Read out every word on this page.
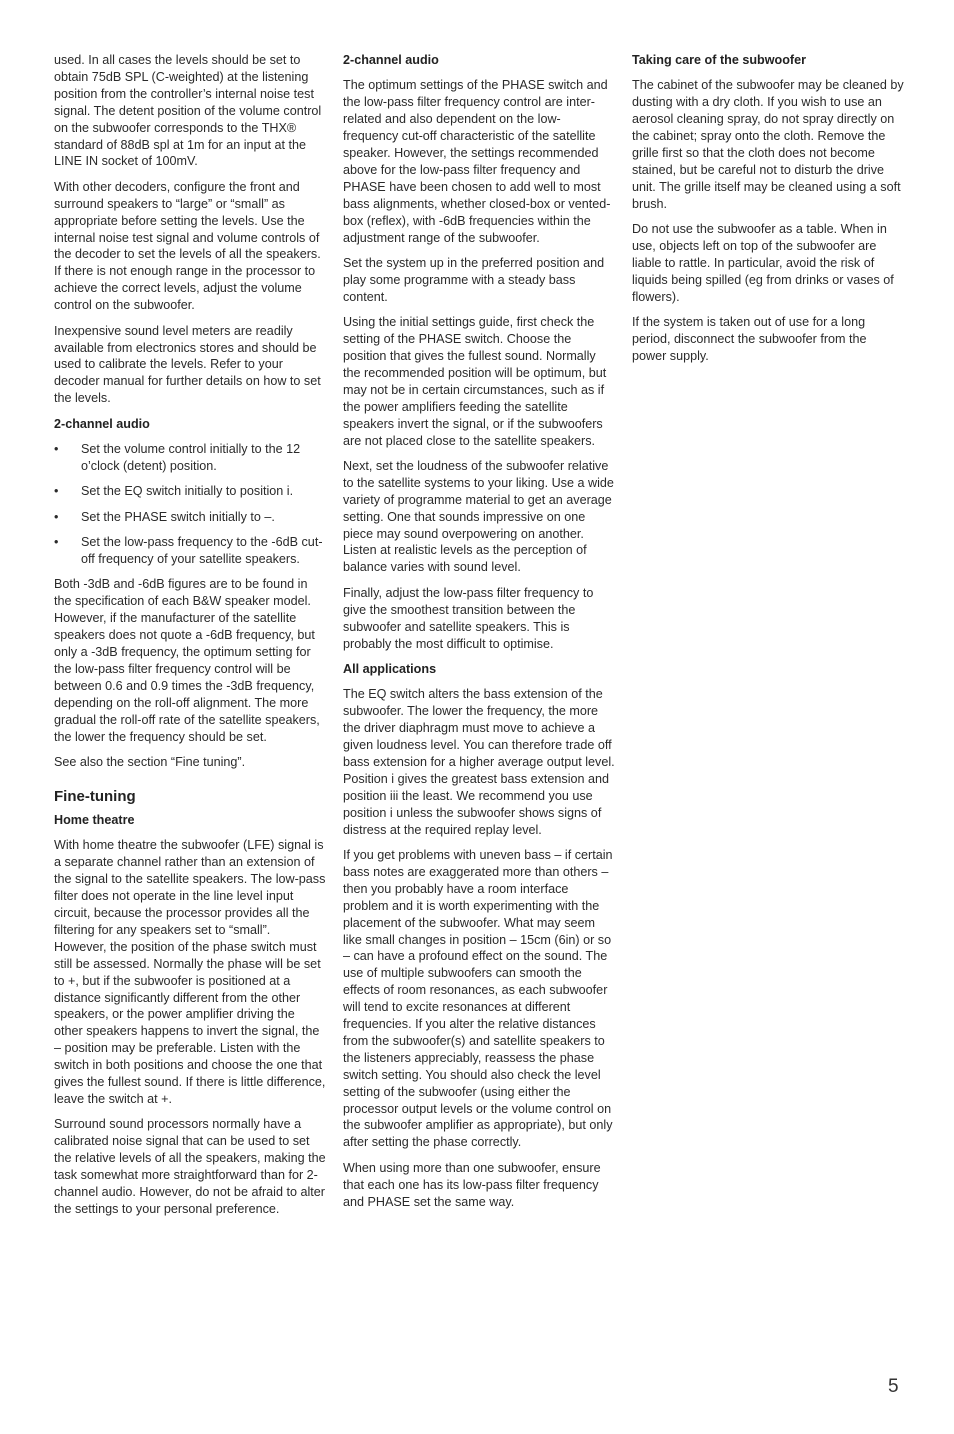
used. In all cases the levels should be set to obtain 75dB SPL (C-weighted) at the listening position from the controller’s internal noise test signal. The detent position of the volume control on the subwoofer corresponds to the THX® standard of 88dB spl at 1m for an input at the LINE IN socket of 100mV.

With other decoders, configure the front and surround speakers to “large” or “small” as appropriate before setting the levels. Use the internal noise test signal and volume controls of the decoder to set the levels of all the speakers. If there is not enough range in the processor to achieve the correct levels, adjust the volume control on the subwoofer.

Inexpensive sound level meters are readily available from electronics stores and should be used to calibrate the levels. Refer to your decoder manual for further details on how to set the levels.

2-channel audio
• Set the volume control initially to the 12 o’clock (detent) position.
• Set the EQ switch initially to position i.
• Set the PHASE switch initially to –.
• Set the low-pass frequency to the -6dB cut-off frequency of your satellite speakers.

Both -3dB and -6dB figures are to be found in the specification of each B&W speaker model. However, if the manufacturer of the satellite speakers does not quote a -6dB frequency, but only a -3dB frequency, the optimum setting for the low-pass filter frequency control will be between 0.6 and 0.9 times the -3dB frequency, depending on the roll-off alignment. The more gradual the roll-off rate of the satellite speakers, the lower the frequency should be set.

See also the section “Fine tuning”.

Fine-tuning
Home theatre

With home theatre the subwoofer (LFE) signal is a separate channel rather than an extension of the signal to the satellite speakers. The low-pass filter does not operate in the line level input circuit, because the processor provides all the filtering for any speakers set to “small”. However, the position of the phase switch must still be assessed. Normally the phase will be set to +, but if the subwoofer is positioned at a distance significantly different from the other speakers, or the power amplifier driving the other speakers happens to invert the signal, the – position may be preferable. Listen with the switch in both positions and choose the one that gives the fullest sound. If there is little difference, leave the switch at +.

Surround sound processors normally have a calibrated noise signal that can be used to set the relative levels of all the speakers, making the task somewhat more straightforward than for 2-channel audio. However, do not be afraid to alter the settings to your personal preference.

2-channel audio

The optimum settings of the PHASE switch and the low-pass filter frequency control are inter-related and also dependent on the low-frequency cut-off characteristic of the satellite speaker. However, the settings recommended above for the low-pass filter frequency and PHASE have been chosen to add well to most bass alignments, whether closed-box or vented-box (reflex), with -6dB frequencies within the adjustment range of the subwoofer.

Set the system up in the preferred position and play some programme with a steady bass content.

Using the initial settings guide, first check the setting of the PHASE switch. Choose the position that gives the fullest sound. Normally the recommended position will be optimum, but may not be in certain circumstances, such as if the power amplifiers feeding the satellite speakers invert the signal, or if the subwoofers are not placed close to the satellite speakers.

Next, set the loudness of the subwoofer relative to the satellite systems to your liking. Use a wide variety of programme material to get an average setting. One that sounds impressive on one piece may sound overpowering on another. Listen at realistic levels as the perception of balance varies with sound level.

Finally, adjust the low-pass filter frequency to give the smoothest transition between the subwoofer and satellite speakers. This is probably the most difficult to optimise.

All applications

The EQ switch alters the bass extension of the subwoofer. The lower the frequency, the more the driver diaphragm must move to achieve a given loudness level. You can therefore trade off bass extension for a higher average output level. Position i gives the greatest bass extension and position iii the least. We recommend you use position i unless the subwoofer shows signs of distress at the required replay level.

If you get problems with uneven bass – if certain bass notes are exaggerated more than others – then you probably have a room interface problem and it is worth experimenting with the placement of the subwoofer. What may seem like small changes in position – 15cm (6in) or so – can have a profound effect on the sound. The use of multiple subwoofers can smooth the effects of room resonances, as each subwoofer will tend to excite resonances at different frequencies. If you alter the relative distances from the subwoofer(s) and satellite speakers to the listeners appreciably, reassess the phase switch setting. You should also check the level setting of the subwoofer (using either the processor output levels or the volume control on the subwoofer amplifier as appropriate), but only after setting the phase correctly.

When using more than one subwoofer, ensure that each one has its low-pass filter frequency and PHASE set the same way.

Taking care of the subwoofer

The cabinet of the subwoofer may be cleaned by dusting with a dry cloth. If you wish to use an aerosol cleaning spray, do not spray directly on the cabinet; spray onto the cloth. Remove the grille first so that the cloth does not become stained, but be careful not to disturb the drive unit. The grille itself may be cleaned using a soft brush.

Do not use the subwoofer as a table. When in use, objects left on top of the subwoofer are liable to rattle. In particular, avoid the risk of liquids being spilled (eg from drinks or vases of flowers).

If the system is taken out of use for a long period, disconnect the subwoofer from the power supply.

5
